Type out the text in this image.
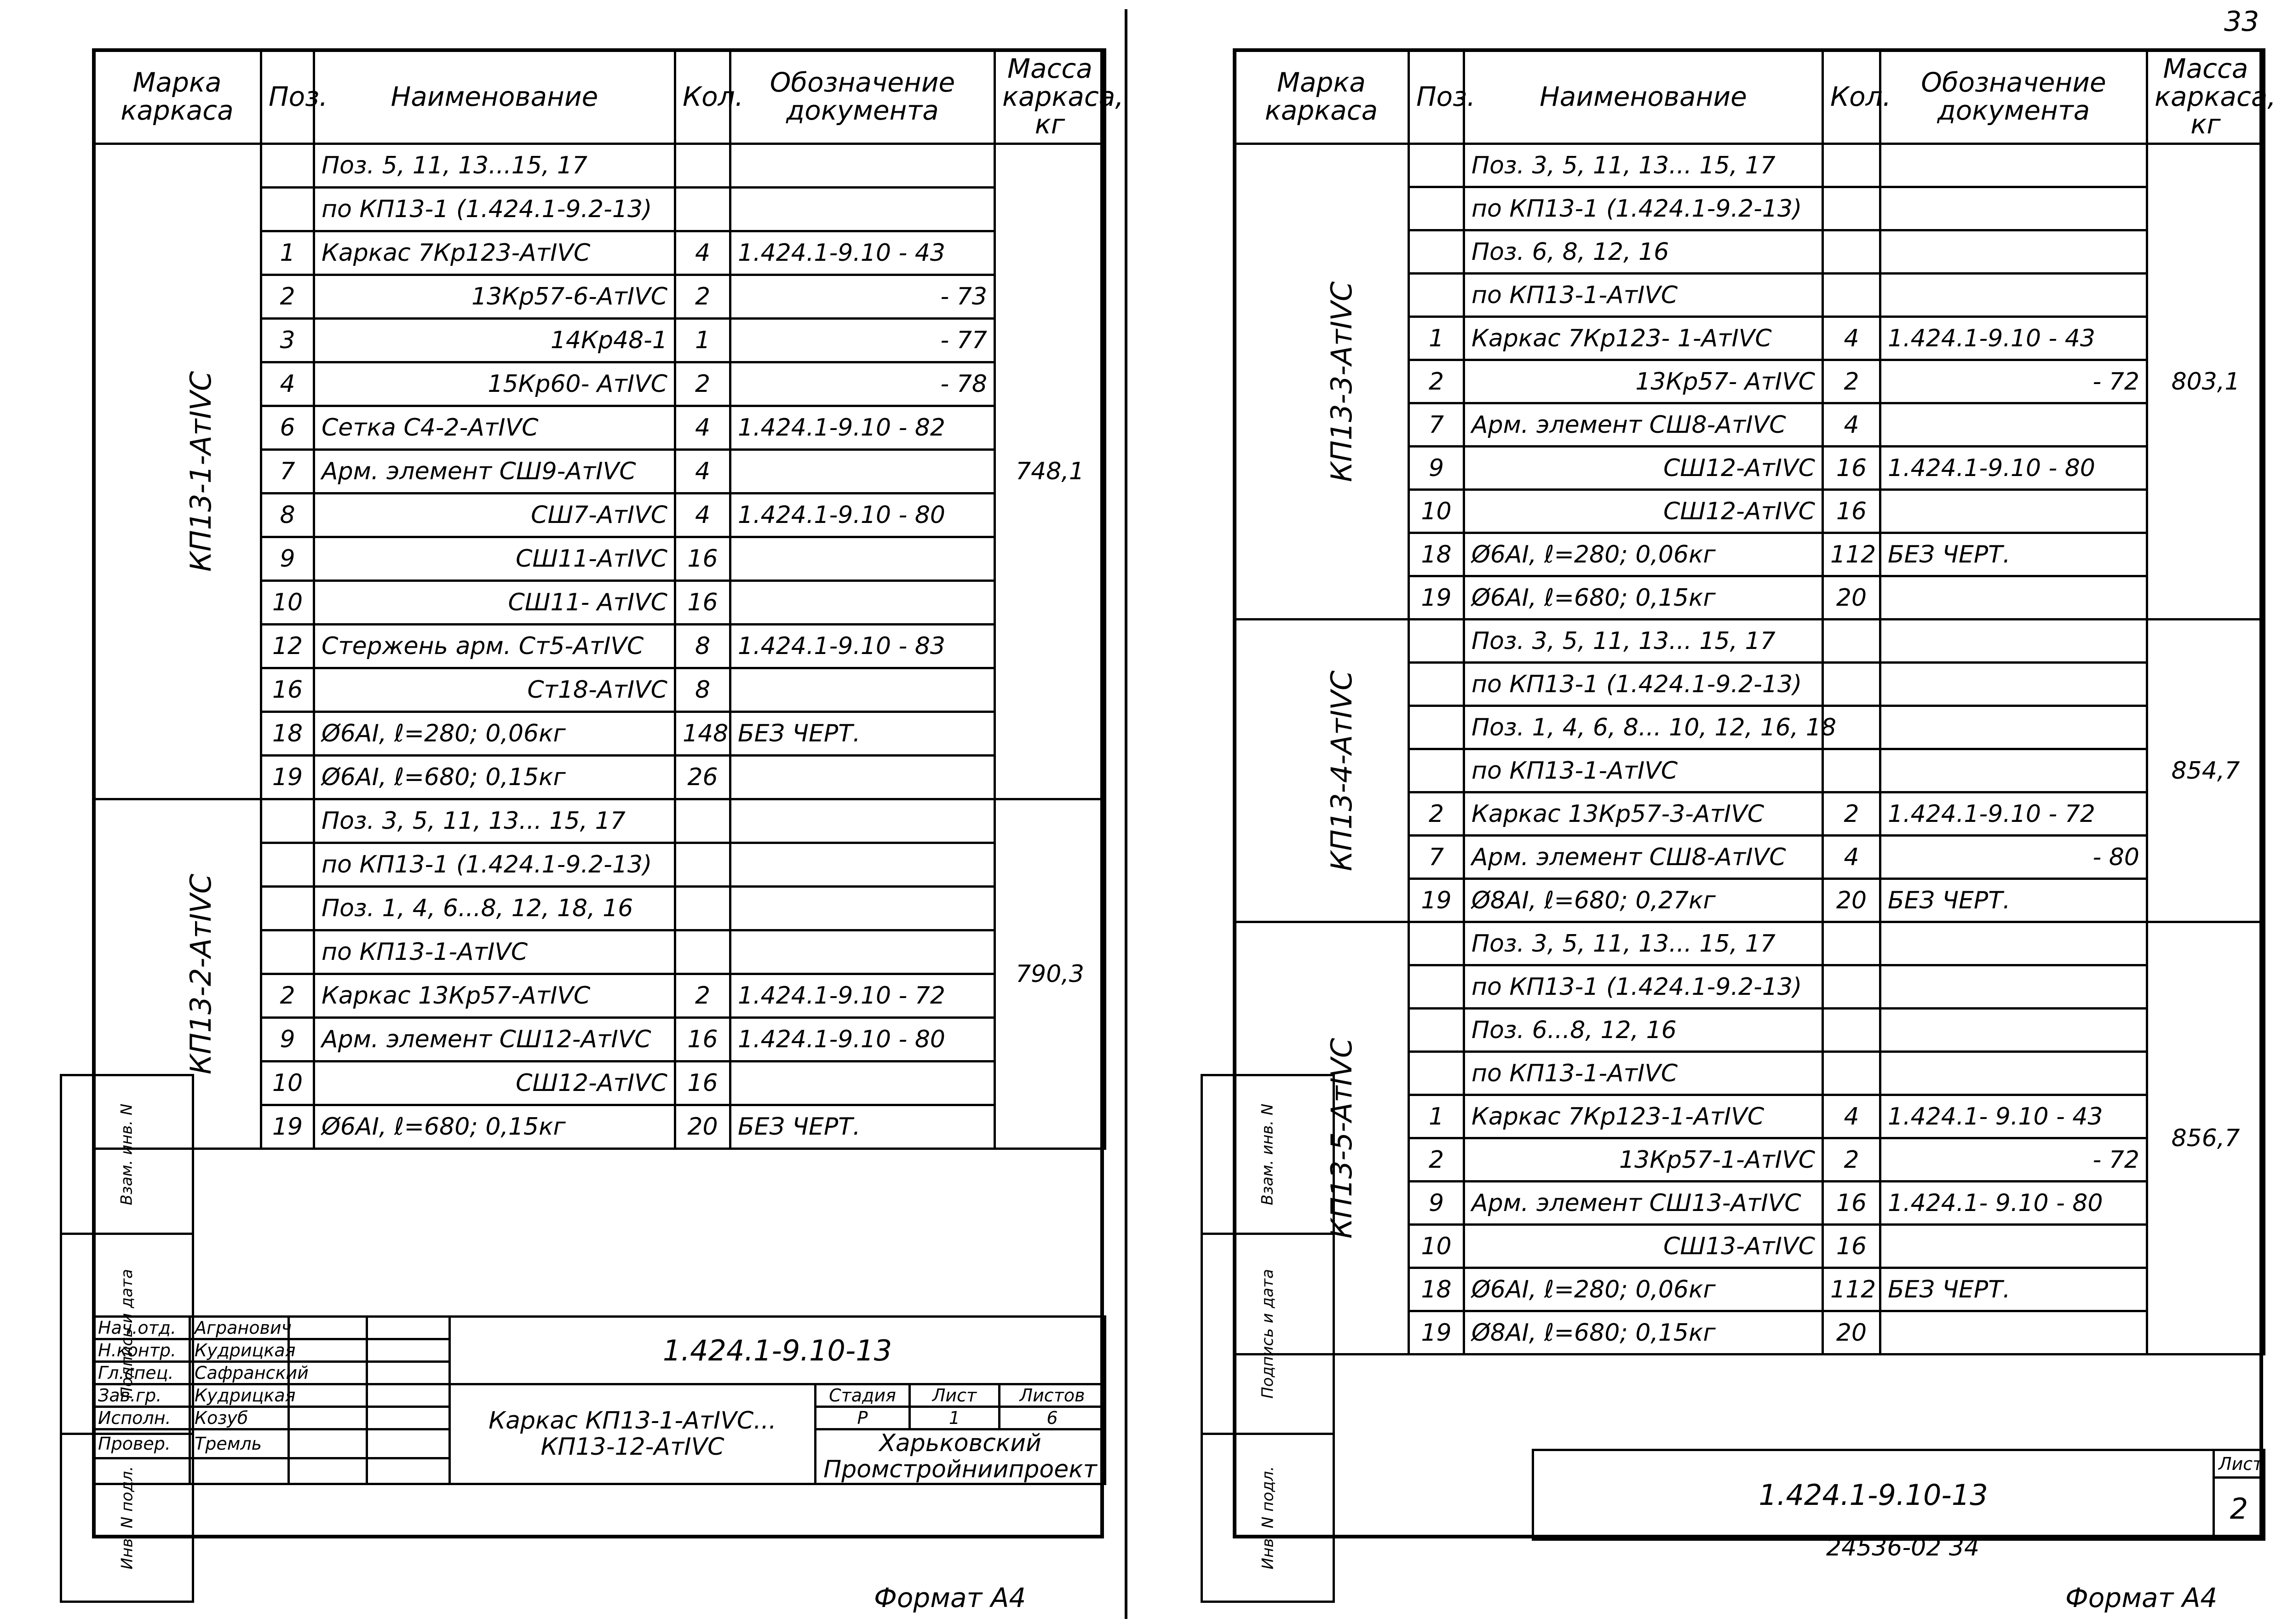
Марка каркаса	Поз.	Наименование	Кол.	Обозначение документа	Масса каркаса, кг
КП13-1-АтIVС		Поз. 5, 11, 13...15, 17			748,1
		по КП13-1 (1.424.1-9.2-13)			
	1	Каркас 7Кр123-АтIVС	4	1.424.1-9.10 - 43	
	2	13Кр57-6-АтIVС	2	- 73	
	3	14Кр48-1	1	- 77	
	4	15Кр60- АтIVС	2	- 78	
	6	Сетка С4-2-АтIVС	4	1.424.1-9.10 - 82	
	7	Арм. элемент СШ9-АтIVС	4		
	8	СШ7-АтIVС	4	1.424.1-9.10 - 80	
	9	СШ11-АтIVС	16		
	10	СШ11- АтIVС	16		
	12	Стержень арм. Ст5-АтIVС	8	1.424.1-9.10 - 83	
	16	Ст18-АтIVС	8		
	18	Ø6АI, ℓ=280; 0,06кг	148	БЕЗ ЧЕРТ.	
	19	Ø6АI, ℓ=680; 0,15кг	26		
КП13-2-АтIVС		Поз. 3, 5, 11, 13... 15, 17			790,3
		по КП13-1 (1.424.1-9.2-13)			
		Поз. 1, 4, 6...8, 12, 18, 16			
		по КП13-1-АтIVС			
	2	Каркас 13Кр57-АтIVС	2	1.424.1-9.10 - 72	
	9	Арм. элемент СШ12-АтIVС	16	1.424.1-9.10 - 80	
	10	СШ12-АтIVС	16		
	19	Ø6АI, ℓ=680; 0,15кг	20	БЕЗ ЧЕРТ.	
Взам. инв. N
Подпись и дата
Инв. N подл.
Нач.отд.	Агранович			1.424.1-9.10-13			
Н.контр.	Кудрицкая						
Гл.спец.	Сафранский						
Зав.гр.	Кудрицкая			Каркас КП13-1-АтIVС... КП13-12-АтIVС	Стадия	Лист	Листов
Исполн.	Козуб				Р	1	6
Провер.	Тремль				Харьковский Промстройниипроект		

Формат А4
33
Марка каркаса	Поз.	Наименование	Кол.	Обозначение документа	Масса каркаса, кг
КП13-3-АтIVС		Поз. 3, 5, 11, 13... 15, 17			803,1
		по КП13-1 (1.424.1-9.2-13)			
		Поз. 6, 8, 12, 16			
		по КП13-1-АтIVС			
	1	Каркас 7Кр123- 1-АтIVС	4	1.424.1-9.10 - 43	
	2	13Кр57- АтIVС	2	- 72	
	7	Арм. элемент СШ8-АтIVС	4		
	9	СШ12-АтIVС	16	1.424.1-9.10 - 80	
	10	СШ12-АтIVС	16		
	18	Ø6АI, ℓ=280; 0,06кг	112	БЕЗ ЧЕРТ.	
	19	Ø6АI, ℓ=680; 0,15кг	20		
КП13-4-АтIVС		Поз. 3, 5, 11, 13... 15, 17			854,7
		по КП13-1 (1.424.1-9.2-13)			
		Поз. 1, 4, 6, 8... 10, 12, 16, 18			
		по КП13-1-АтIVС			
	2	Каркас 13Кр57-3-АтIVС	2	1.424.1-9.10 - 72	
	7	Арм. элемент СШ8-АтIVС	4	- 80	
	19	Ø8АI, ℓ=680; 0,27кг	20	БЕЗ ЧЕРТ.	
КП13-5-АтIVС		Поз. 3, 5, 11, 13... 15, 17			856,7
		по КП13-1 (1.424.1-9.2-13)			
		Поз. 6...8, 12, 16			
		по КП13-1-АтIVС			
	1	Каркас 7Кр123-1-АтIVС	4	1.424.1- 9.10 - 43	
	2	13Кр57-1-АтIVС	2	- 72	
	9	Арм. элемент СШ13-АтIVС	16	1.424.1- 9.10 - 80	
	10	СШ13-АтIVС	16		
	18	Ø6АI, ℓ=280; 0,06кг	112	БЕЗ ЧЕРТ.	
	19	Ø8АI, ℓ=680; 0,15кг	20		
Взам. инв. N
Подпись и дата
Инв. N подл.	1.424.1-9.10-13	Лист
2
24536-02 34
Формат А4
